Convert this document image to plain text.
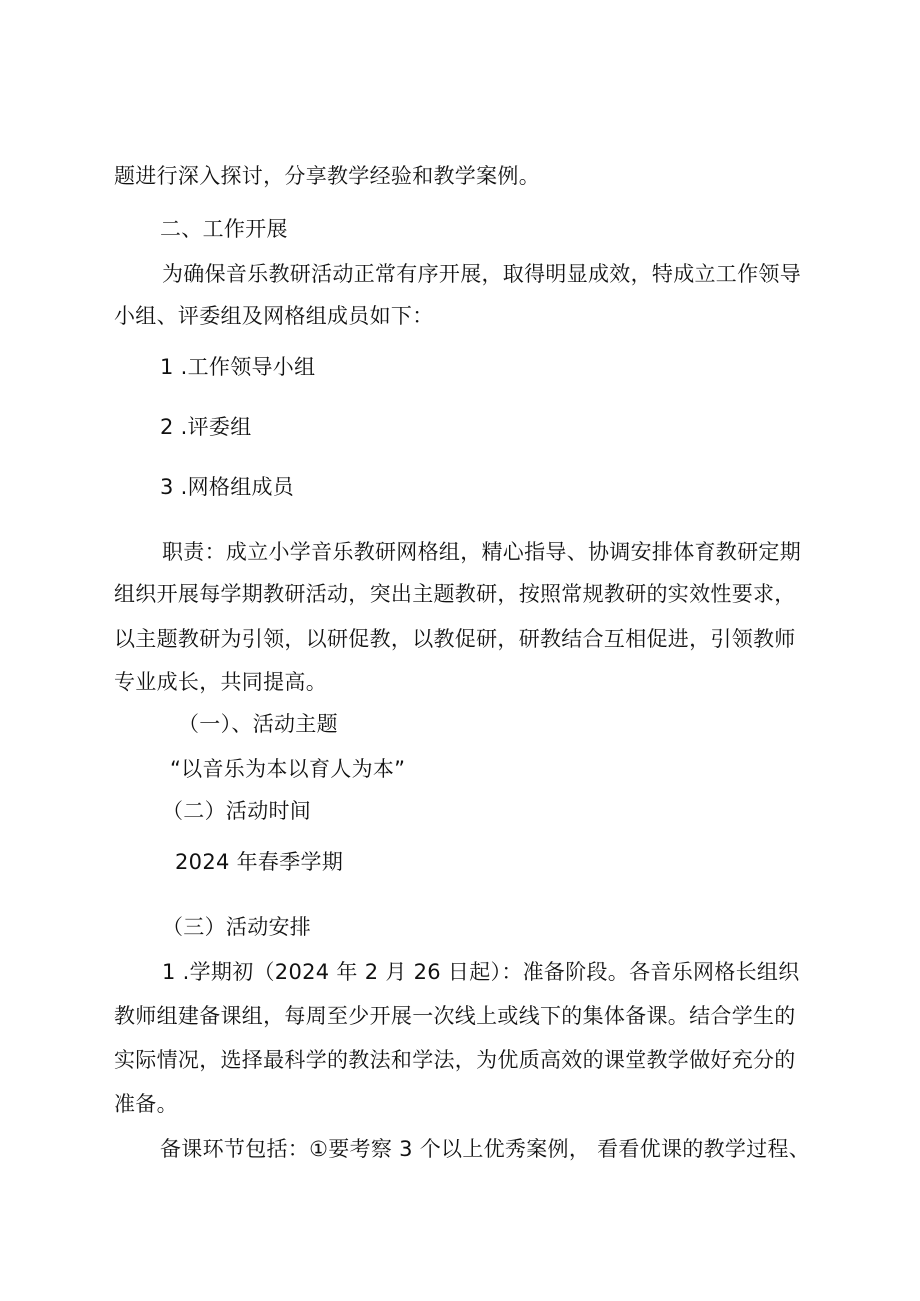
题进行深入探讨，分享教学经验和教学案例。
二、工作开展
为确保音乐教研活动正常有序开展，取得明显成效，特成立工作领导
小组、评委组及网格组成员如下：
1 .工作领导小组
2 .评委组
3 .网格组成员
职责：成立小学音乐教研网格组，精心指导、协调安排体育教研定期
组织开展每学期教研活动，突出主题教研，按照常规教研的实效性要求，
以主题教研为引领，以研促教，以教促研，研教结合互相促进，引领教师
专业成长，共同提高。
（一）、活动主题
“以音乐为本以育人为本”
（二）活动时间
2024 年春季学期
（三）活动安排
1 .学期初（2024 年 2 月 26 日起）：准备阶段。各音乐网格长组织
教师组建备课组，每周至少开展一次线上或线下的集体备课。结合学生的
实际情况，选择最科学的教法和学法，为优质高效的课堂教学做好充分的
准备。
备课环节包括：①要考察 3 个以上优秀案例， 看看优课的教学过程、
